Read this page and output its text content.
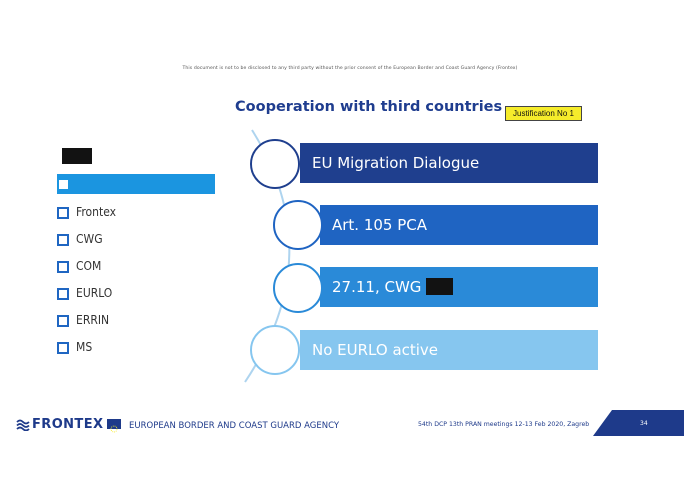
This document is not to be disclosed to any third party without the prior consent of the European Border and Coast Guard Agency (Frontex)
Cooperation with third countries	Justification No 1
Frontex
CWG
COM
EURLO
ERRIN
MS
EU Migration Dialogue
Art. 105 PCA
27.11, CWG
No EURLO active
FRONTEX	EUROPEAN BORDER AND COAST GUARD AGENCY	54th DCP 13th PRAN meetings 12-13 Feb 2020, Zagreb	34
